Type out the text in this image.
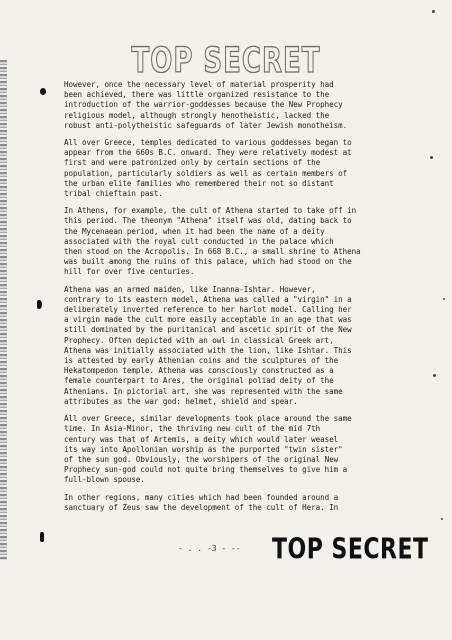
TOP SECRET

However, once the necessary level of material prosperity had
been achieved, there was little organized resistance to the
introduction of the warrior-goddesses because the New Prophecy
religious model, although strongly henotheistic, lacked the
robust anti-polytheistic safeguards of later Jewish monotheism.

All over Greece, temples dedicated to various goddesses began to
appear from the 660s B.C. onward. They were relatively modest at
first and were patronized only by certain sections of the
population, particularly soldiers as well as certain members of
the urban elite families who remembered their not so distant
tribal chieftain past.

In Athens, for example, the cult of Athena started to take off in
this period. The theonym "Athena" itself was old, dating back to
the Mycenaean period, when it had been the name of a deity
associated with the royal cult conducted in the palace which
then stood on the Acropolis. In 668 B.C., a small shrine to Athena
was built among the ruins of this palace, which had stood on the
hill for over five centuries.

Athena was an armed maiden, like Inanna-Ishtar. However,
contrary to its eastern model, Athena was called a "virgin" in a
deliberately inverted reference to her harlot model. Calling her
a virgin made the cult more easily acceptable in an age that was
still dominated by the puritanical and ascetic spirit of the New
Prophecy. Often depicted with an owl in classical Greek art,
Athena was initially associated with the lion, like Ishtar. This
is attested by early Athenian coins and the sculptures of the
Hekatompedon temple. Athena was consciously constructed as a
female counterpart to Ares, the original poliad deity of the
Athenians. In pictorial art, she was represented with the same
attributes as the war god: helmet, shield and spear.

All over Greece, similar developments took place around the same
time. In Asia-Minor, the thriving new cult of the mid 7th
century was that of Artemis, a deity which would later weasel
its way into Apollonian worship as the purported "twin sister"
of the sun god. Obviously, the worshipers of the original New
Prophecy sun-god could not quite bring themselves to give him a
full-blown spouse.

In other regions, many cities which had been founded around a
sanctuary of Zeus saw the development of the cult of Hera. In

- . . -3 - -- TOP SECRET
